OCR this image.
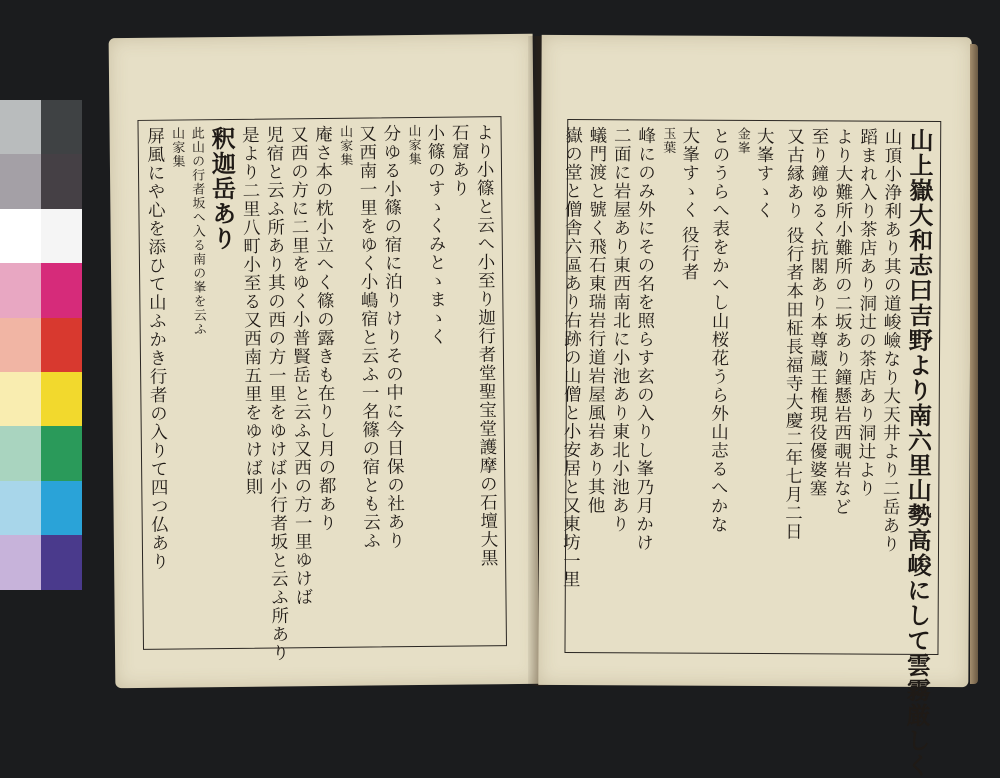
より小篠と云へ小至り迦行者堂聖宝堂護摩の石壇大黒
石窟あり
小篠のすゝくみとゝまゝく
山家集
分ゆる小篠の宿に泊りけりその中に今日保の社あり
又西南一里をゆく小嶋宿と云ふ一名篠の宿とも云ふ
山家集
庵さ本の枕小立へく篠の露きも在りし月の都あり
又西の方に二里をゆく小普賢岳と云ふ又西の方一里ゆけば
児宿と云ふ所あり其の西の方一里をゆけば小行者坂と云ふ所あり
是より二里八町小至る又西南五里をゆけば則
釈迦岳あり
此山の行者坂へ入る南の峯を云ふ
山家集
屏風にや心を添ひて山ふかき行者の入りて四つ仏あり	山上嶽大和志曰吉野より南六里山勢高峻にして雲霧厳しく
山頂小浄利あり其の道峻嶮なり大天井より二岳あり
蹈まれ入り茶店あり洞辻の茶店あり洞辻より
より大難所小難所の二坂あり鐘懸岩西覗岩など
至り鐘ゆるく抗閣あり本尊蔵王権現役優婆塞
又古縁あり 役行者本田柾長福寺大慶二年七月二日
大峯すゝく
金峯
とのうらへ表をかへし山桜花うら外山志るへかな
大峯すゝく 役行者
玉葉
峰にのみ外にその名を照らす玄の入りし峯乃月かけ
二面に岩屋あり東西南北に小池あり東北小池あり
蟻門渡と號く飛石東瑞岩行道岩屋風岩あり其他
嶽の堂と僧舎六區あり右跡の山僧と小安居と又東坊一里
